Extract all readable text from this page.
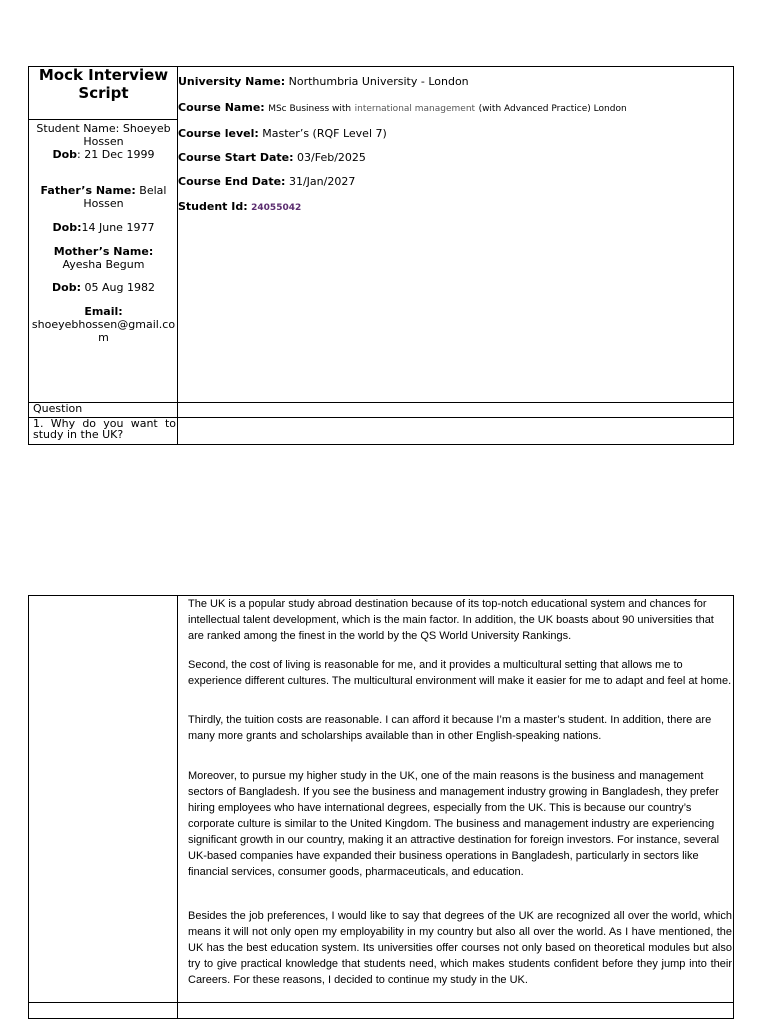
Mock Interview Script
University Name: Northumbria University - London
Course Name: MSc Business with international management (with Advanced Practice) London
Course level: Master’s (RQF Level 7)
Course Start Date: 03/Feb/2025
Course End Date: 31/Jan/2027
Student Id: 24055042
Student Name: Shoeyeb Hossen
Dob: 21 Dec 1999
Father’s Name: Belal Hossen
Dob:14 June 1977
Mother’s Name:
Ayesha Begum
Dob: 05 Aug 1982
Email:
shoeyebhossen@gmail.com
Question
1. Why do you want to study in the UK?
The UK is a popular study abroad destination because of its top-notch educational system and chances for intellectual talent development, which is the main factor. In addition, the UK boasts about 90 universities that are ranked among the finest in the world by the QS World University Rankings.
Second, the cost of living is reasonable for me, and it provides a multicultural setting that allows me to experience different cultures. The multicultural environment will make it easier for me to adapt and feel at home.
Thirdly, the tuition costs are reasonable. I can afford it because I’m a master’s student. In addition, there are many more grants and scholarships available than in other English-speaking nations.
Moreover, to pursue my higher study in the UK, one of the main reasons is the business and management sectors of Bangladesh. If you see the business and management industry growing in Bangladesh, they prefer hiring employees who have international degrees, especially from the UK. This is because our country’s corporate culture is similar to the United Kingdom. The business and management industry are experiencing significant growth in our country, making it an attractive destination for foreign investors. For instance, several UK-based companies have expanded their business operations in Bangladesh, particularly in sectors like financial services, consumer goods, pharmaceuticals, and education.
Besides the job preferences, I would like to say that degrees of the UK are recognized all over the world, which means it will not only open my employability in my country but also all over the world. As I have mentioned, the UK has the best education system. Its universities offer courses not only based on theoretical modules but also try to give practical knowledge that students need, which makes students confident before they jump into their Careers. For these reasons, I decided to continue my study in the UK.
